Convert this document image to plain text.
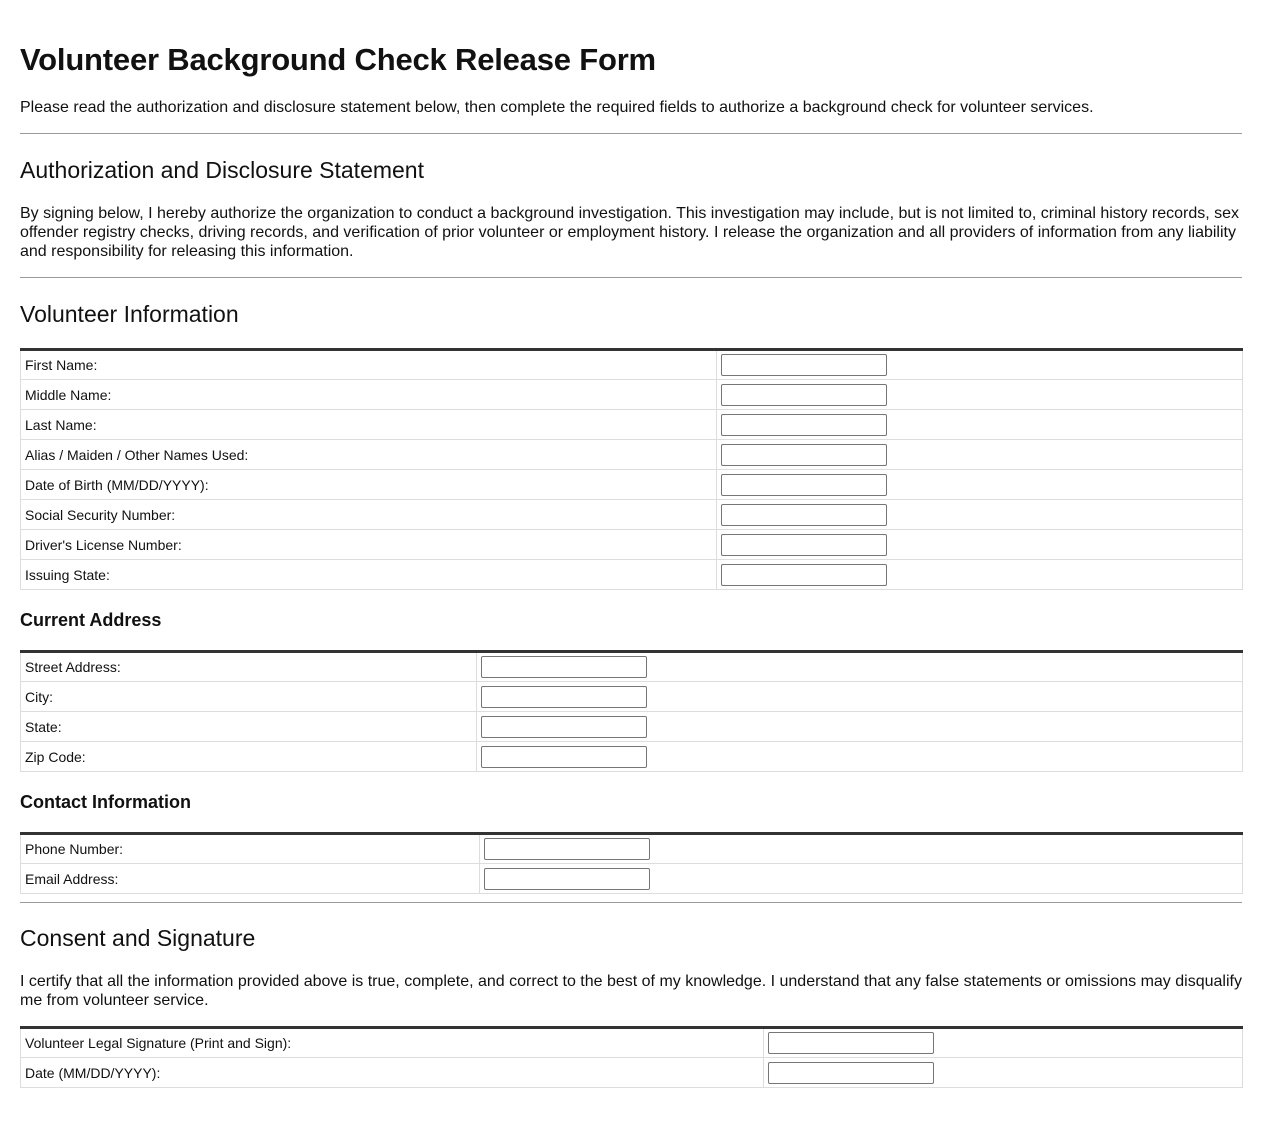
Volunteer Background Check Release Form

Please read the authorization and disclosure statement below, then complete the required fields to authorize a background check for volunteer services.

Authorization and Disclosure Statement

By signing below, I hereby authorize the organization to conduct a background investigation. This investigation may include, but is not limited to, criminal history records, sex offender registry checks, driving records, and verification of prior volunteer or employment history. I release the organization and all providers of information from any liability and responsibility for releasing this information.

Volunteer Information
First Name:	

Middle Name:	

Last Name:	

Alias / Maiden / Other Names Used:	

Date of Birth (MM/DD/YYYY):	

Social Security Number:	

Driver's License Number:	

Issuing State:	
Current Address
Street Address:	

City:	

State:	

Zip Code:	
Contact Information
Phone Number:	

Email Address:	
Consent and Signature

I certify that all the information provided above is true, complete, and correct to the best of my knowledge. I understand that any false statements or omissions may disqualify me from volunteer service.

Volunteer Legal Signature (Print and Sign):	

Date (MM/DD/YYYY):	
